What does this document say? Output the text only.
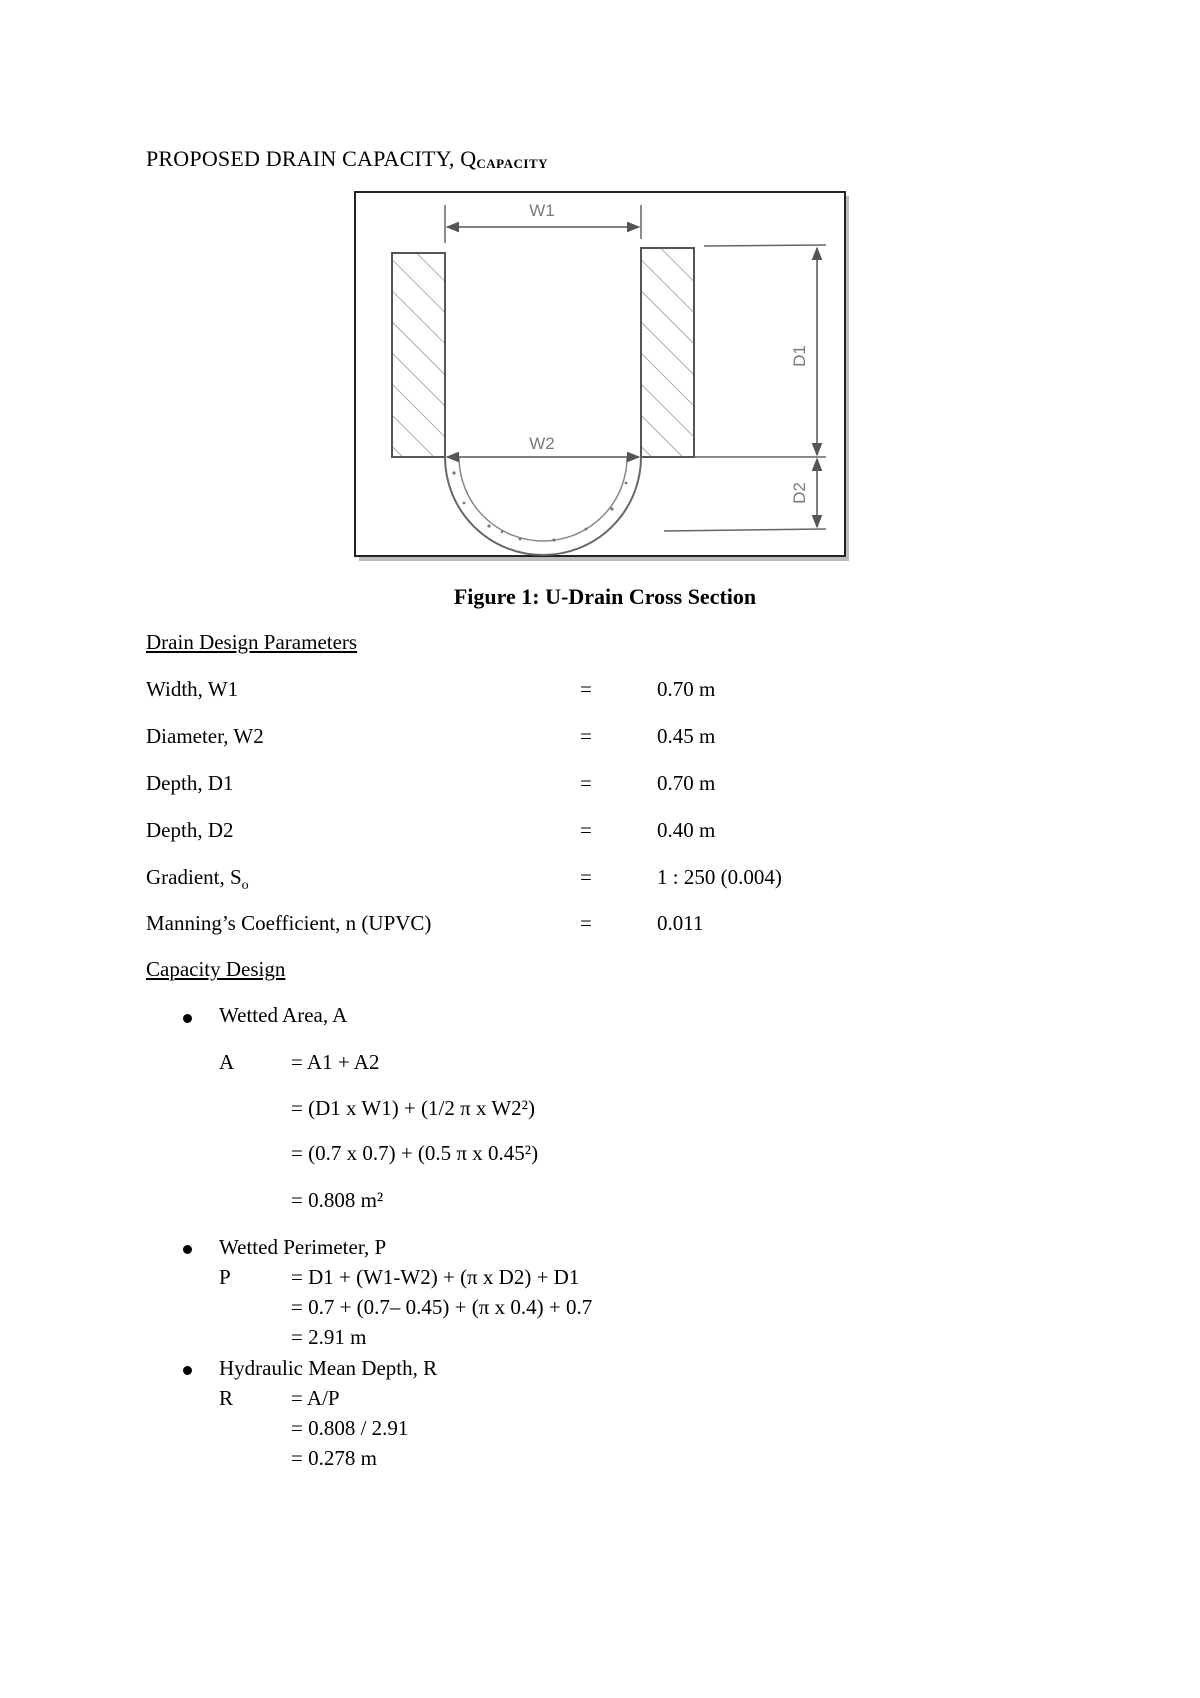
PROPOSED DRAIN CAPACITY, $Q_{CAPACITY}$
W1
W2
D1
D2
Figure 1: U-Drain Cross Section
Drain Design Parameters
Width, W1	=	0.70 m
Diameter, W2	=	0.45 m
Depth, D1	=	0.70 m
Depth, D2	=	0.40 m
Gradient, $S_o$	=	1 : 250 (0.004)
Manning’s Coefficient, n (UPVC)	=	0.011
Capacity Design
Wetted Area, A
A	= A1 + A2
= (D1 x W1) + (1/2 π x W2²)
= (0.7 x 0.7) + (0.5 π x 0.45²)
= 0.808 m²
Wetted Perimeter, P
P	= D1 + (W1-W2) + (π x D2) + D1
= 0.7 + (0.7– 0.45) + (π x 0.4) + 0.7
= 2.91 m
Hydraulic Mean Depth, R
R	= A/P
= 0.808 / 2.91
= 0.278 m
